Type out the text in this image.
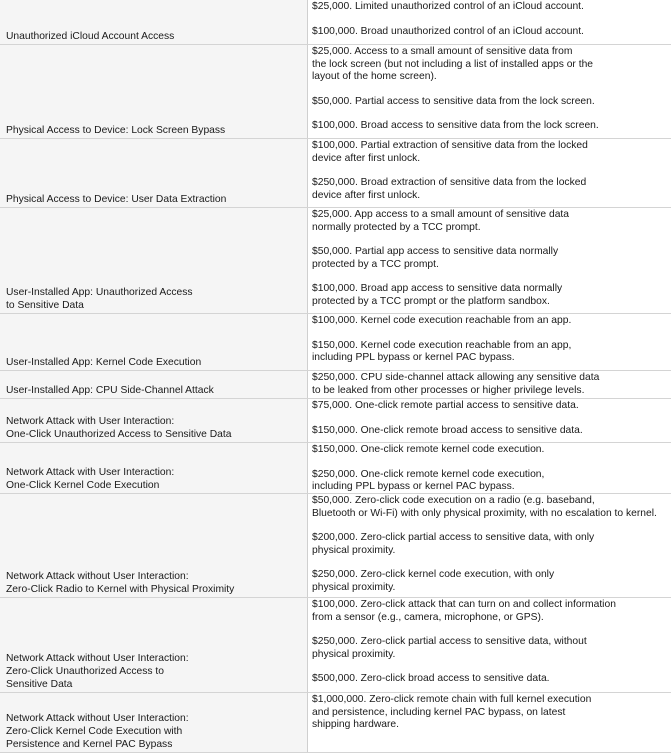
Unauthorized iCloud Account Access
$25,000. Limited unauthorized control of an iCloud account.
$100,000. Broad unauthorized control of an iCloud account.
Physical Access to Device: Lock Screen Bypass
$25,000. Access to a small amount of sensitive data from
the lock screen (but not including a list of installed apps or the
layout of the home screen).
$50,000. Partial access to sensitive data from the lock screen.
$100,000. Broad access to sensitive data from the lock screen.
Physical Access to Device: User Data Extraction
$100,000. Partial extraction of sensitive data from the locked
device after first unlock.
$250,000. Broad extraction of sensitive data from the locked
device after first unlock.
User-Installed App: Unauthorized Access
to Sensitive Data
$25,000. App access to a small amount of sensitive data
normally protected by a TCC prompt.
$50,000. Partial app access to sensitive data normally
protected by a TCC prompt.
$100,000. Broad app access to sensitive data normally
protected by a TCC prompt or the platform sandbox.
User-Installed App: Kernel Code Execution
$100,000. Kernel code execution reachable from an app.
$150,000. Kernel code execution reachable from an app,
including PPL bypass or kernel PAC bypass.
User-Installed App: CPU Side-Channel Attack
$250,000. CPU side-channel attack allowing any sensitive data
to be leaked from other processes or higher privilege levels.
Network Attack with User Interaction:
One-Click Unauthorized Access to Sensitive Data
$75,000. One-click remote partial access to sensitive data.
$150,000. One-click remote broad access to sensitive data.
Network Attack with User Interaction:
One-Click Kernel Code Execution
$150,000. One-click remote kernel code execution.
$250,000. One-click remote kernel code execution,
including PPL bypass or kernel PAC bypass.
Network Attack without User Interaction:
Zero-Click Radio to Kernel with Physical Proximity
$50,000. Zero-click code execution on a radio (e.g. baseband,
Bluetooth or Wi-Fi) with only physical proximity, with no escalation to kernel.
$200,000. Zero-click partial access to sensitive data, with only
physical proximity.
$250,000. Zero-click kernel code execution, with only
physical proximity.
Network Attack without User Interaction:
Zero-Click Unauthorized Access to
Sensitive Data
$100,000. Zero-click attack that can turn on and collect information
from a sensor (e.g., camera, microphone, or GPS).
$250,000. Zero-click partial access to sensitive data, without
physical proximity.
$500,000. Zero-click broad access to sensitive data.
Network Attack without User Interaction:
Zero-Click Kernel Code Execution with
Persistence and Kernel PAC Bypass
$1,000,000. Zero-click remote chain with full kernel execution
and persistence, including kernel PAC bypass, on latest
shipping hardware.
